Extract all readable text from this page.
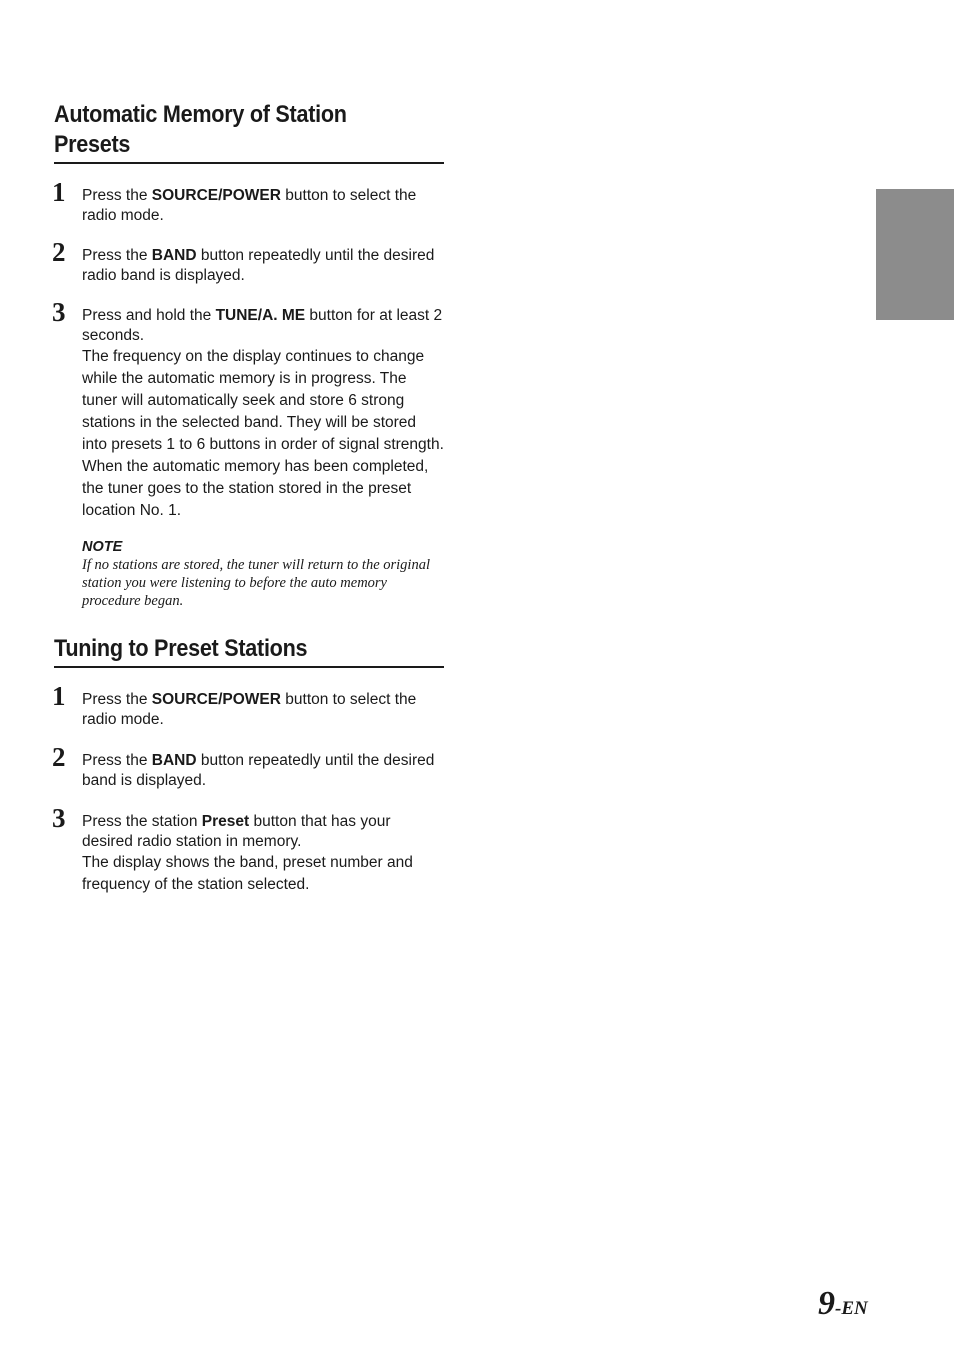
Automatic Memory of Station
Presets
1 Press the SOURCE/POWER button to select the radio mode.

2 Press the BAND button repeatedly until the desired radio band is displayed.

3 Press and hold the TUNE/A. ME button for at least 2 seconds.

The frequency on the display continues to change while the automatic memory is in progress. The tuner will automatically seek and store 6 strong stations in the selected band. They will be stored into presets 1 to 6 buttons in order of signal strength.

When the automatic memory has been completed, the tuner goes to the station stored in the preset location No. 1.

NOTE
If no stations are stored, the tuner will return to the original station you were listening to before the auto memory procedure began.
Tuning to Preset Stations
1 Press the SOURCE/POWER button to select the radio mode.

2 Press the BAND button repeatedly until the desired band is displayed.

3 Press the station Preset button that has your desired radio station in memory.

The display shows the band, preset number and frequency of the station selected.

9-EN
